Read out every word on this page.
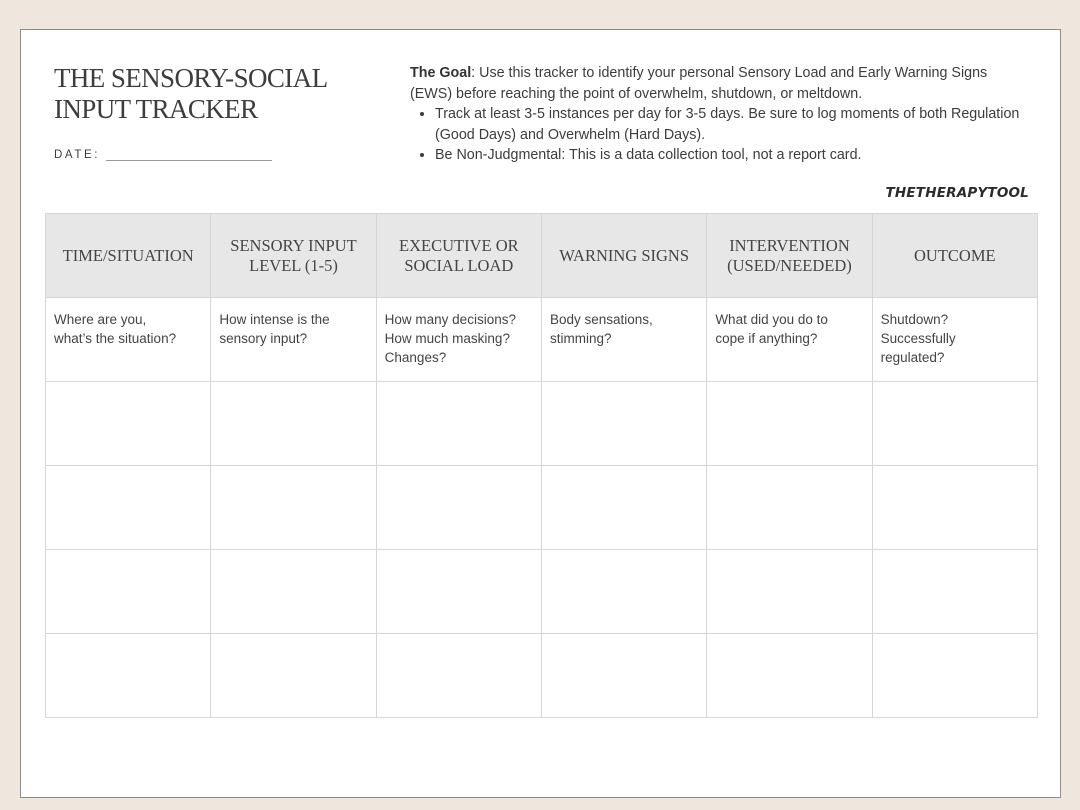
THE SENSORY-SOCIAL
INPUT TRACKER
DATE:

The Goal: Use this tracker to identify your personal Sensory Load and Early Warning Signs (EWS) before reaching the point of overwhelm, shutdown, or meltdown.

• Track at least 3-5 instances per day for 3-5 days. Be sure to log moments of both Regulation (Good Days) and Overwhelm (Hard Days).
• Be Non-Judgmental: This is a data collection tool, not a report card.
THETHERAPYTOOL
TIME/SITUATION	SENSORY INPUT LEVEL (1-5)	EXECUTIVE OR SOCIAL LOAD	WARNING SIGNS	INTERVENTION (USED/NEEDED)	OUTCOME
Where are you,
what’s the situation?	How intense is the
sensory input?	How many decisions?
How much masking?
Changes?	Body sensations,
stimming?	What did you do to
cope if anything?	Shutdown?
Successfully
regulated?
